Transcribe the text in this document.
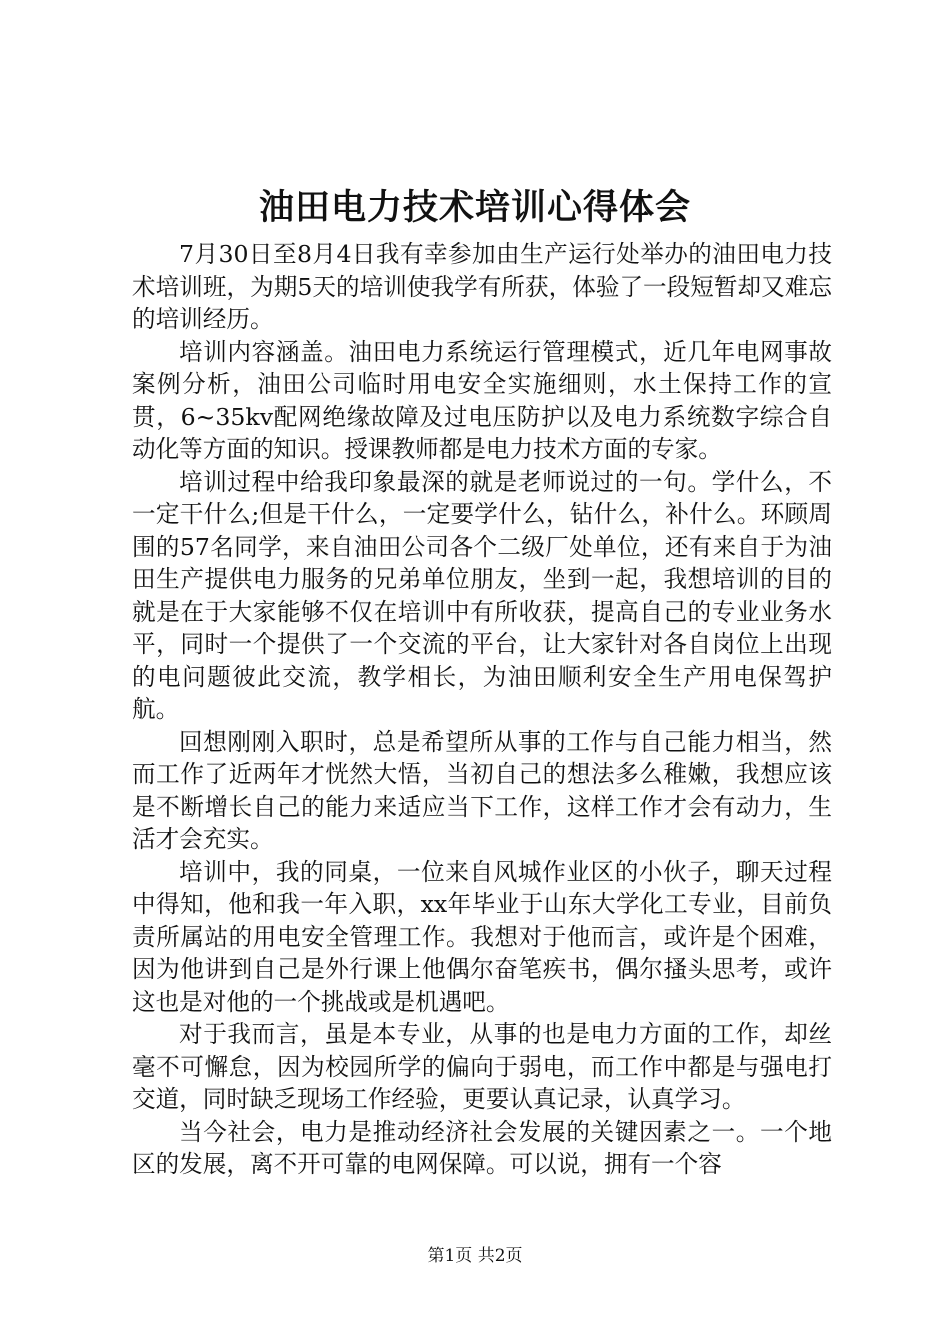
油田电力技术培训心得体会

7月30日至8月4日我有幸参加由生产运行处举办的油田电力技术培训班，为期5天的培训使我学有所获，体验了一段短暂却又难忘的培训经历。

培训内容涵盖。油田电力系统运行管理模式，近几年电网事故案例分析，油田公司临时用电安全实施细则，水土保持工作的宣贯，6~35kv配网绝缘故障及过电压防护以及电力系统数字综合自动化等方面的知识。授课教师都是电力技术方面的专家。

培训过程中给我印象最深的就是老师说过的一句。学什么，不一定干什么;但是干什么，一定要学什么，钻什么，补什么。环顾周围的57名同学，来自油田公司各个二级厂处单位，还有来自于为油田生产提供电力服务的兄弟单位朋友，坐到一起，我想培训的目的就是在于大家能够不仅在培训中有所收获，提高自己的专业业务水平，同时一个提供了一个交流的平台，让大家针对各自岗位上出现的电问题彼此交流，教学相长，为油田顺利安全生产用电保驾护航。

回想刚刚入职时，总是希望所从事的工作与自己能力相当，然而工作了近两年才恍然大悟，当初自己的想法多么稚嫩，我想应该是不断增长自己的能力来适应当下工作，这样工作才会有动力，生活才会充实。

培训中，我的同桌，一位来自风城作业区的小伙子，聊天过程中得知，他和我一年入职，xx年毕业于山东大学化工专业，目前负责所属站的用电安全管理工作。我想对于他而言，或许是个困难，因为他讲到自己是外行课上他偶尔奋笔疾书，偶尔搔头思考，或许这也是对他的一个挑战或是机遇吧。

对于我而言，虽是本专业，从事的也是电力方面的工作，却丝毫不可懈怠，因为校园所学的偏向于弱电，而工作中都是与强电打交道，同时缺乏现场工作经验，更要认真记录，认真学习。

当今社会，电力是推动经济社会发展的关键因素之一。一个地区的发展，离不开可靠的电网保障。可以说，拥有一个容

第1页 共2页
